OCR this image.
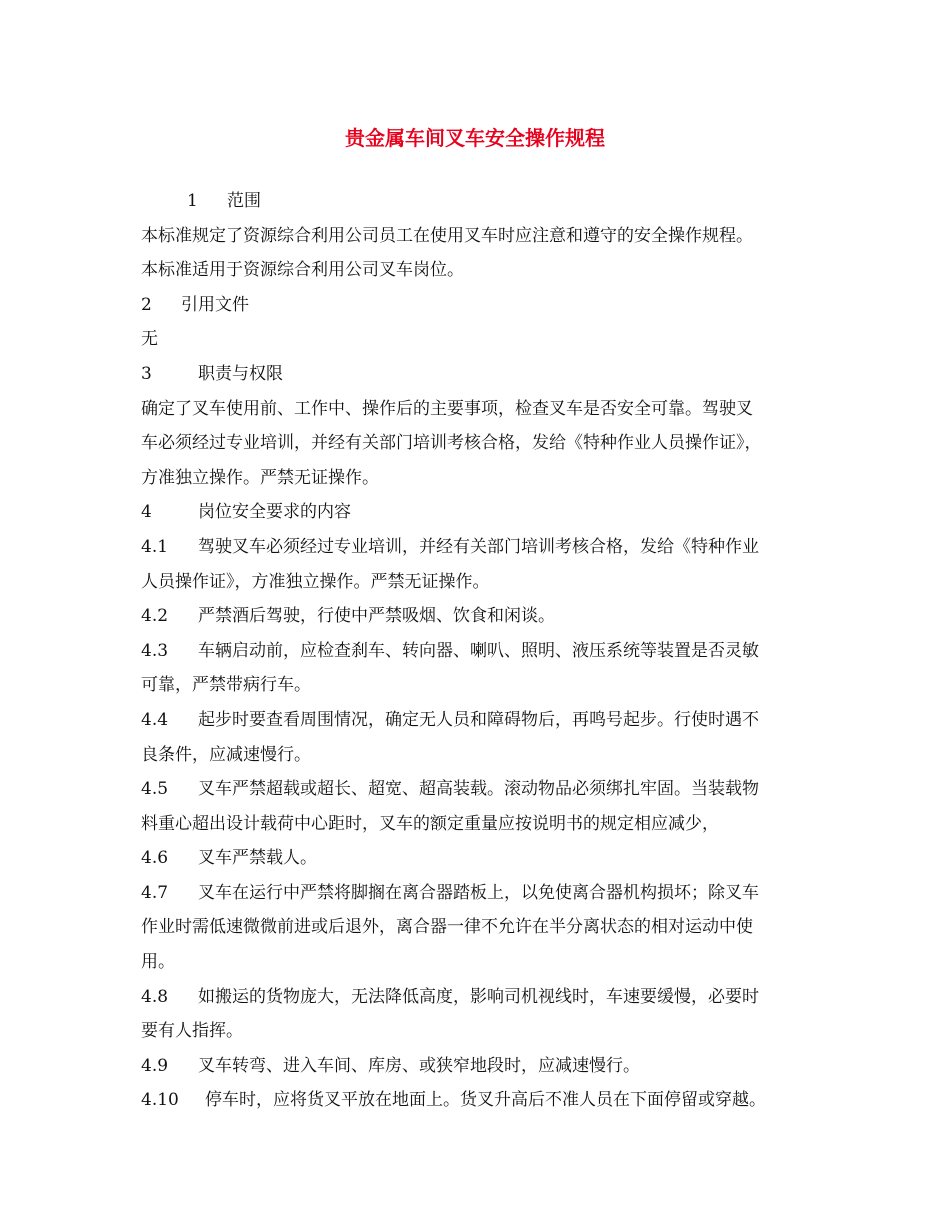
贵金属车间叉车安全操作规程
1 范围
本标准规定了资源综合利用公司员工在使用叉车时应注意和遵守的安全操作规程。
本标准适用于资源综合利用公司叉车岗位。
2 引用文件
无
3	职责与权限
确定了叉车使用前、工作中、操作后的主要事项，检查叉车是否安全可靠。驾驶叉
车必须经过专业培训，并经有关部门培训考核合格，发给《特种作业人员操作证》，
方准独立操作。严禁无证操作。
4	岗位安全要求的内容
4.1 驾驶叉车必须经过专业培训，并经有关部门培训考核合格，发给《特种作业
人员操作证》，方准独立操作。严禁无证操作。
4.2 严禁酒后驾驶，行使中严禁吸烟、饮食和闲谈。
4.3 车辆启动前，应检查刹车、转向器、喇叭、照明、液压系统等装置是否灵敏
可靠，严禁带病行车。
4.4 起步时要查看周围情况，确定无人员和障碍物后，再鸣号起步。行使时遇不
良条件，应减速慢行。
4.5 叉车严禁超载或超长、超宽、超高装载。滚动物品必须绑扎牢固。当装载物
料重心超出设计载荷中心距时，叉车的额定重量应按说明书的规定相应减少，
4.6 叉车严禁载人。
4.7 叉车在运行中严禁将脚搁在离合器踏板上，以免使离合器机构损坏；除叉车
作业时需低速微微前进或后退外，离合器一律不允许在半分离状态的相对运动中使
用。
4.8 如搬运的货物庞大，无法降低高度，影响司机视线时，车速要缓慢，必要时
要有人指挥。
4.9 叉车转弯、进入车间、库房、或狭窄地段时，应减速慢行。
4.10 停车时，应将货叉平放在地面上。货叉升高后不准人员在下面停留或穿越。
